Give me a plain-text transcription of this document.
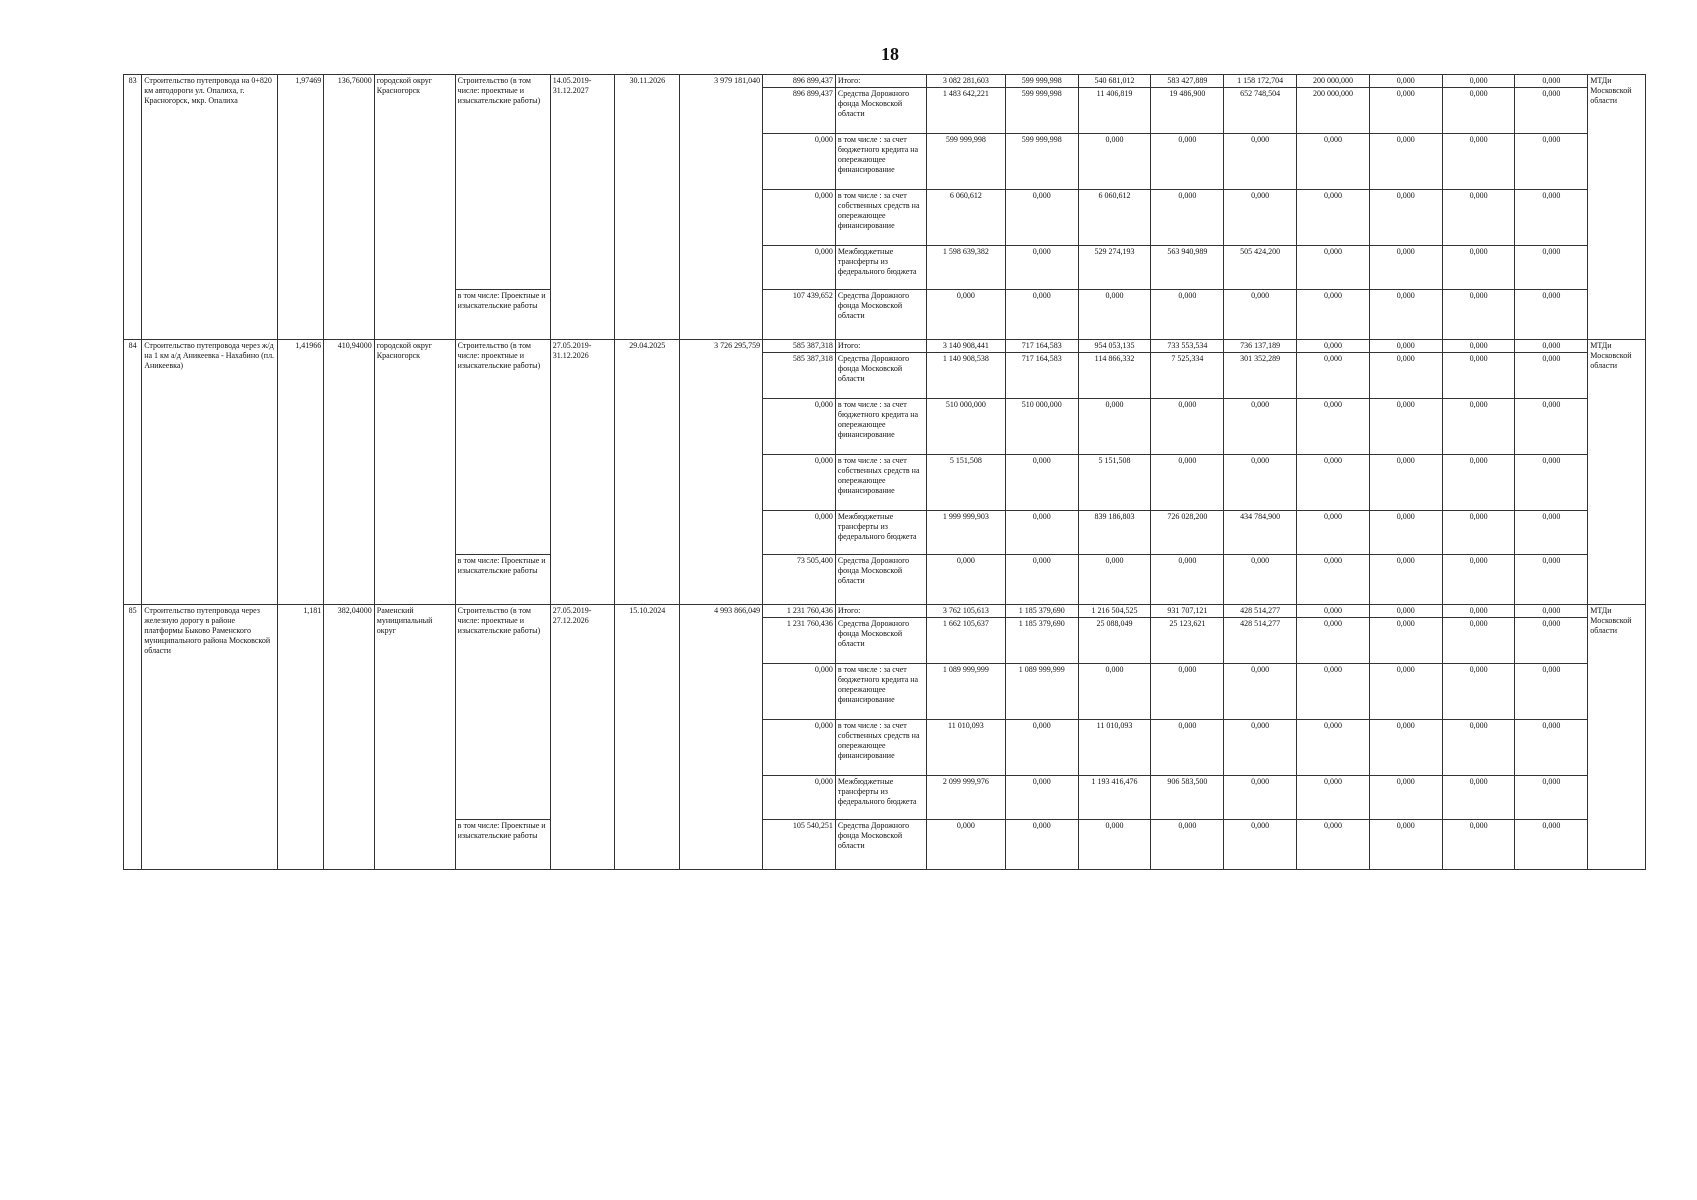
18
83	Строительство путепровода на 0+820 км автодороги ул. Опалиха, г. Красногорск, мкр. Опалиха	1,97469	136,76000	городской округ Красногорск	Строительство (в том числе: проектные и изыскательские работы)	14.05.2019-31.12.2027	30.11.2026	3 979 181,040	896 899,437	Итого:	3 082 281,603	599 999,998	540 681,012	583 427,889	1 158 172,704	200 000,000	0,000	0,000	0,000	МТДи Московской области
									896 899,437	Средства Дорожного фонда Московской области	1 483 642,221	599 999,998	11 406,819	19 486,900	652 748,504	200 000,000	0,000	0,000	0,000	
									0,000	в том числе : за счет бюджетного кредита на опережающее финансирование	599 999,998	599 999,998	0,000	0,000	0,000	0,000	0,000	0,000	0,000	
									0,000	в том числе : за счет собственных средств на опережающее финансирование	6 060,612	0,000	6 060,612	0,000	0,000	0,000	0,000	0,000	0,000	
									0,000	Межбюджетные трансферты из федерального бюджета	1 598 639,382	0,000	529 274,193	563 940,989	505 424,200	0,000	0,000	0,000	0,000	
					в том числе: Проектные и изыскательские работы				107 439,652	Средства Дорожного фонда Московской области	0,000	0,000	0,000	0,000	0,000	0,000	0,000	0,000	0,000	
84	Строительство путепровода через ж/д на 1 км а/д Аникеевка - Нахабино (пл. Аникеевка)	1,41966	410,94000	городской округ Красногорск	Строительство (в том числе: проектные и изыскательские работы)	27.05.2019-31.12.2026	29.04.2025	3 726 295,759	585 387,318	Итого:	3 140 908,441	717 164,583	954 053,135	733 553,534	736 137,189	0,000	0,000	0,000	0,000	МТДи Московской области
									585 387,318	Средства Дорожного фонда Московской области	1 140 908,538	717 164,583	114 866,332	7 525,334	301 352,289	0,000	0,000	0,000	0,000	
									0,000	в том числе : за счет бюджетного кредита на опережающее финансирование	510 000,000	510 000,000	0,000	0,000	0,000	0,000	0,000	0,000	0,000	
									0,000	в том числе : за счет собственных средств на опережающее финансирование	5 151,508	0,000	5 151,508	0,000	0,000	0,000	0,000	0,000	0,000	
									0,000	Межбюджетные трансферты из федерального бюджета	1 999 999,903	0,000	839 186,803	726 028,200	434 784,900	0,000	0,000	0,000	0,000	
					в том числе: Проектные и изыскательские работы				73 505,400	Средства Дорожного фонда Московской области	0,000	0,000	0,000	0,000	0,000	0,000	0,000	0,000	0,000	
85	Строительство путепровода через железную дорогу в районе платформы Быково Раменского муниципального района Московской области	1,181	382,04000	Раменский муниципальный округ	Строительство (в том числе: проектные и изыскательские работы)	27.05.2019-27.12.2026	15.10.2024	4 993 866,049	1 231 760,436	Итого:	3 762 105,613	1 185 379,690	1 216 504,525	931 707,121	428 514,277	0,000	0,000	0,000	0,000	МТДи Московской области
									1 231 760,436	Средства Дорожного фонда Московской области	1 662 105,637	1 185 379,690	25 088,049	25 123,621	428 514,277	0,000	0,000	0,000	0,000	
									0,000	в том числе : за счет бюджетного кредита на опережающее финансирование	1 089 999,999	1 089 999,999	0,000	0,000	0,000	0,000	0,000	0,000	0,000	
									0,000	в том числе : за счет собственных средств на опережающее финансирование	11 010,093	0,000	11 010,093	0,000	0,000	0,000	0,000	0,000	0,000	
									0,000	Межбюджетные трансферты из федерального бюджета	2 099 999,976	0,000	1 193 416,476	906 583,500	0,000	0,000	0,000	0,000	0,000	
					в том числе: Проектные и изыскательские работы				105 540,251	Средства Дорожного фонда Московской области	0,000	0,000	0,000	0,000	0,000	0,000	0,000	0,000	0,000	
